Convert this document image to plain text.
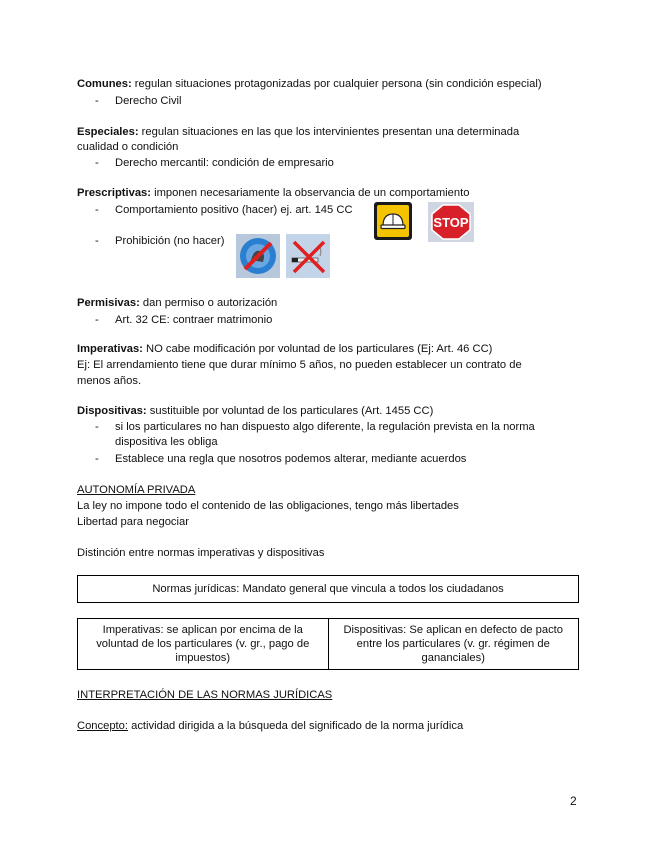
Comunes: regulan situaciones protagonizadas por cualquier persona (sin condición especial)
- Derecho Civil
Especiales: regulan situaciones en las que los intervinientes presentan una determinada
cualidad o condición
- Derecho mercantil: condición de empresario
Prescriptivas: imponen necesariamente la observancia de un comportamiento
- Comportamiento positivo (hacer) ej. art. 145 CC
STOP
- Prohibición (no hacer)
Permisivas: dan permiso o autorización
- Art. 32 CE: contraer matrimonio
Imperativas: NO cabe modificación por voluntad de los particulares (Ej: Art. 46 CC)
Ej: El arrendamiento tiene que durar mínimo 5 años, no pueden establecer un contrato de
menos años.
Dispositivas: sustituible por voluntad de los particulares (Art. 1455 CC)
- si los particulares no han dispuesto algo diferente, la regulación prevista en la norma
dispositiva les obliga
- Establece una regla que nosotros podemos alterar, mediante acuerdos
AUTONOMÍA PRIVADA
La ley no impone todo el contenido de las obligaciones, tengo más libertades
Libertad para negociar
Distinción entre normas imperativas y dispositivas
Normas jurídicas: Mandato general que vincula a todos los ciudadanos
Imperativas: se aplican por encima de la voluntad de los particulares (v. gr., pago de impuestos)
Dispositivas: Se aplican en defecto de pacto entre los particulares (v. gr. régimen de gananciales)
INTERPRETACIÓN DE LAS NORMAS JURÍDICAS
Concepto: actividad dirigida a la búsqueda del significado de la norma jurídica
2
